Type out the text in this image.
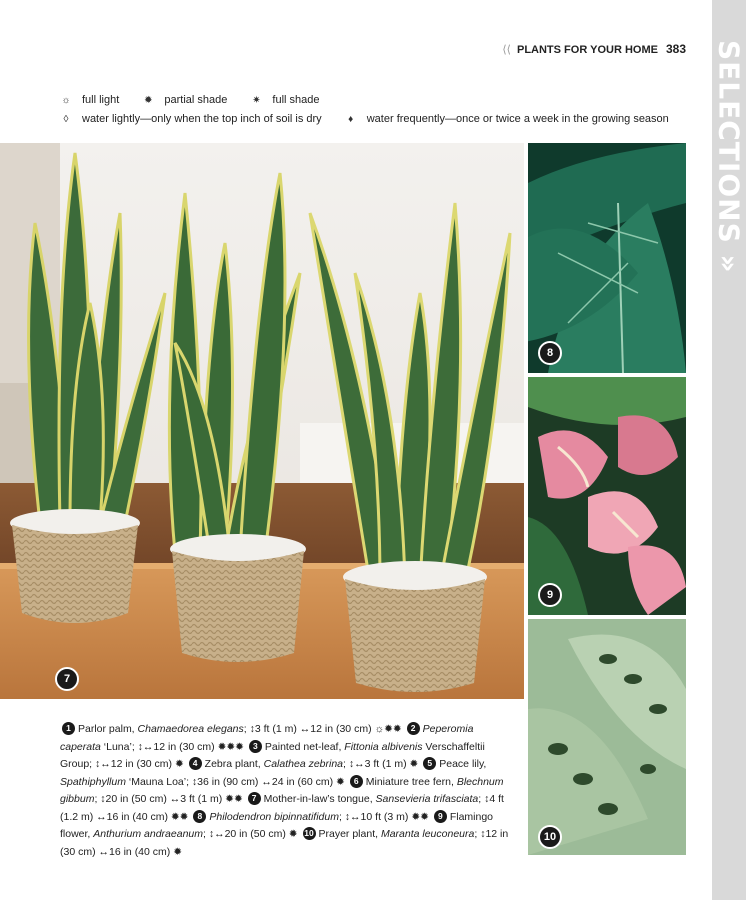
SELECTIONS »
⟨⟨ PLANTS FOR YOUR HOME 383
☼ full light ✹ partial shade ✷ full shade
◊ water lightly—only when the top inch of soil is dry	♦ water frequently—once or twice a week in the growing season
7
8
9
10
1 Parlor palm, Chamaedorea elegans; ↕3 ft (1 m) ↔12 in (30 cm) ☼✹✹ 2 Peperomia caperata ‘Luna’; ↕↔12 in (30 cm) ✹✹✹ 3 Painted net-leaf, Fittonia albivenis Verschaffeltii Group; ↕↔12 in (30 cm) ✹ 4 Zebra plant, Calathea zebrina; ↕↔3 ft (1 m) ✹ 5 Peace lily, Spathiphyllum ‘Mauna Loa’; ↕36 in (90 cm) ↔24 in (60 cm) ✹ 6 Miniature tree fern, Blechnum gibbum; ↕20 in (50 cm) ↔3 ft (1 m) ✹✹ 7 Mother-in-law’s tongue, Sansevieria trifasciata; ↕4 ft (1.2 m) ↔16 in (40 cm) ✹✹ 8 Philodendron bipinnatifidum; ↕↔10 ft (3 m) ✹✹ 9 Flamingo flower, Anthurium andraeanum; ↕↔20 in (50 cm) ✹ 10 Prayer plant, Maranta leuconeura; ↕12 in (30 cm) ↔16 in (40 cm) ✹
